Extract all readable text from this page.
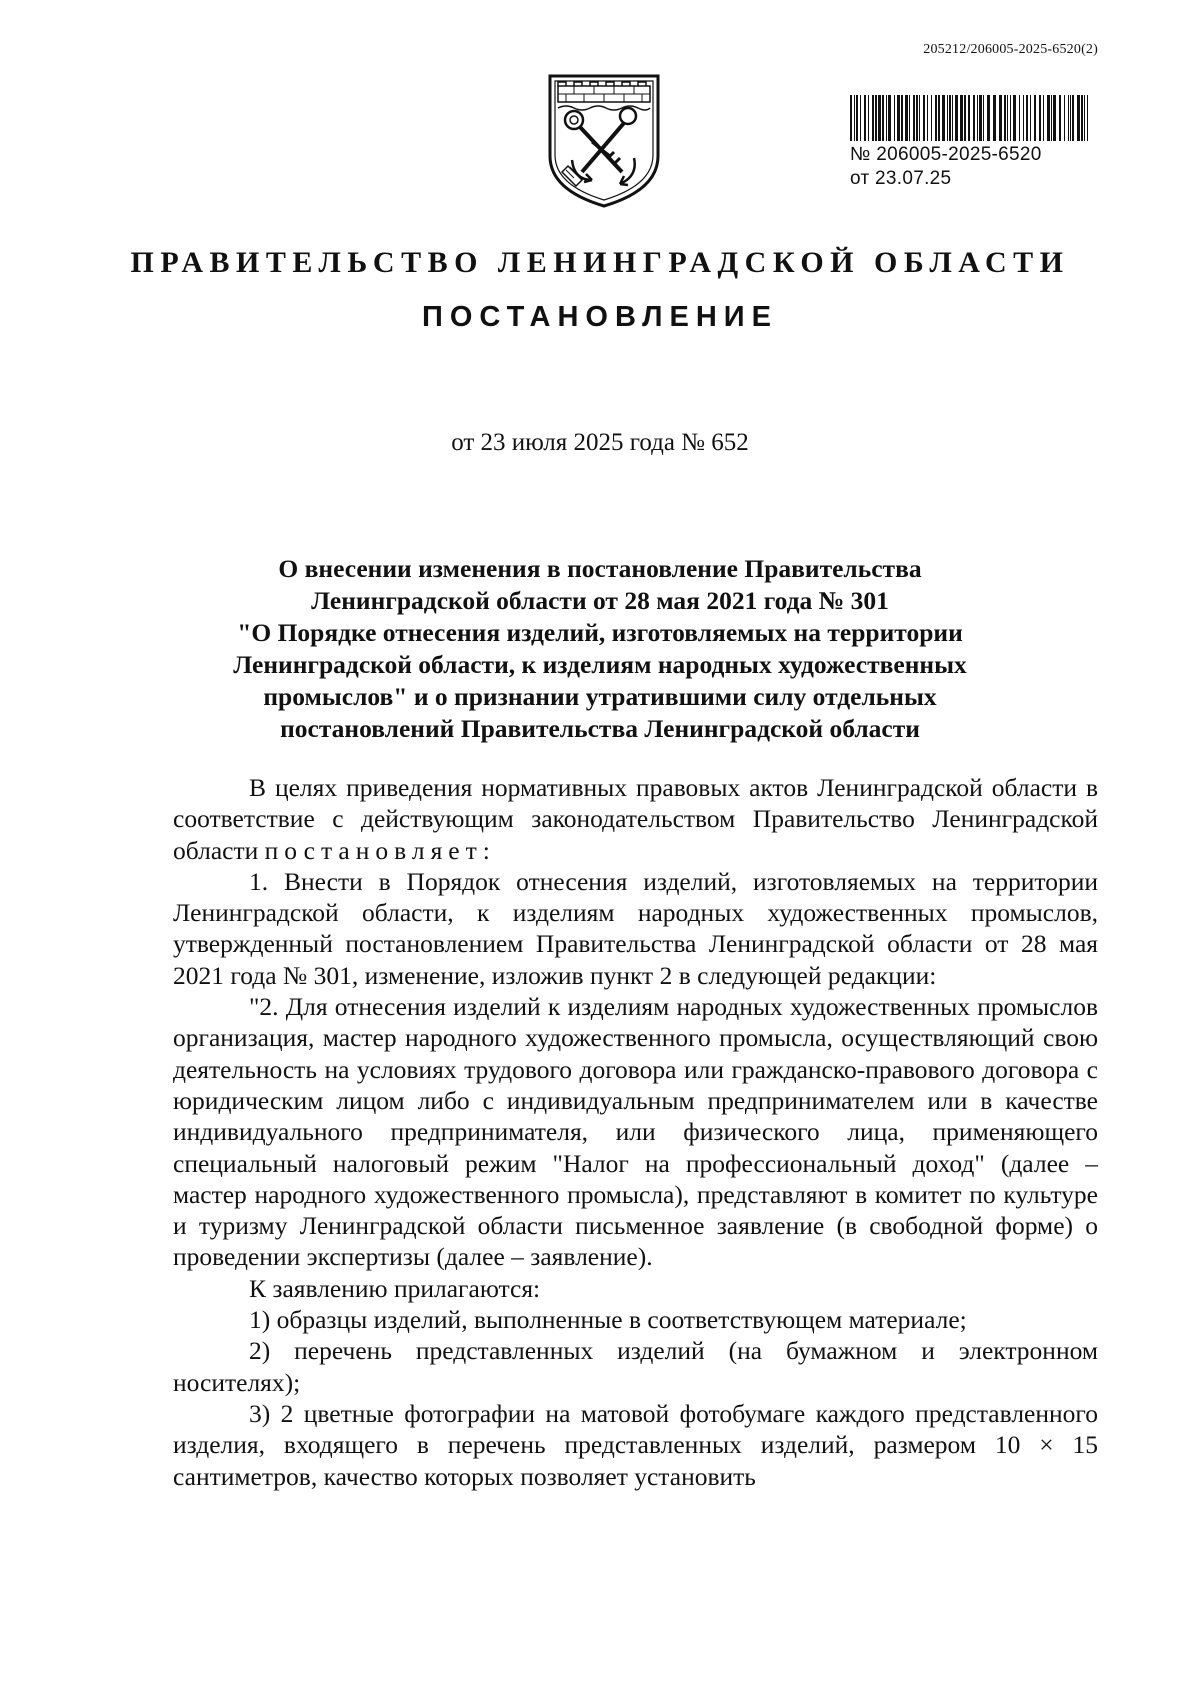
205212/206005-2025-6520(2)
№ 206005-2025-6520
от 23.07.25
ПРАВИТЕЛЬСТВО ЛЕНИНГРАДСКОЙ ОБЛАСТИ
ПОСТАНОВЛЕНИЕ
от 23 июля 2025 года № 652
О внесении изменения в постановление Правительства
Ленинградской области от 28 мая 2021 года № 301
"О Порядке отнесения изделий, изготовляемых на территории
Ленинградской области, к изделиям народных художественных
промыслов" и о признании утратившими силу отдельных
постановлений Правительства Ленинградской области

В целях приведения нормативных правовых актов Ленинградской области в соответствие с действующим законодательством Правительство Ленинградской области постановляет:

1. Внести в Порядок отнесения изделий, изготовляемых на территории Ленинградской области, к изделиям народных художественных промыслов, утвержденный постановлением Правительства Ленинградской области от 28 мая 2021 года № 301, изменение, изложив пункт 2 в следующей редакции:

"2. Для отнесения изделий к изделиям народных художественных промыслов организация, мастер народного художественного промысла, осуществляющий свою деятельность на условиях трудового договора или гражданско-правового договора с юридическим лицом либо с индивидуальным предпринимателем или в качестве индивидуального предпринимателя, или физического лица, применяющего специальный налоговый режим "Налог на профессиональный доход" (далее – мастер народного художественного промысла), представляют в комитет по культуре и туризму Ленинградской области письменное заявление (в свободной форме) о проведении экспертизы (далее – заявление).

К заявлению прилагаются:

1) образцы изделий, выполненные в соответствующем материале;

2) перечень представленных изделий (на бумажном и электронном носителях);

3) 2 цветные фотографии на матовой фотобумаге каждого представленного изделия, входящего в перечень представленных изделий, размером 10 × 15 сантиметров, качество которых позволяет установить
